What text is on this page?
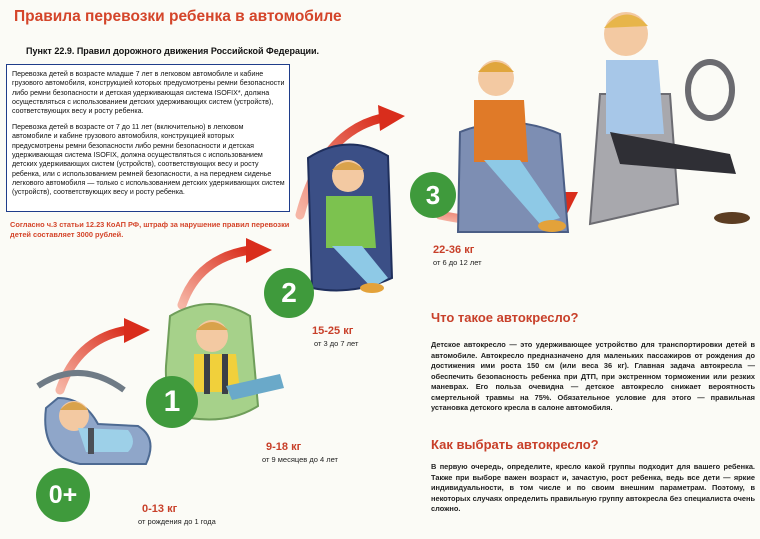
Правила перевозки ребенка в автомобиле
Пункт 22.9. Правил дорожного движения Российской Федерации.

Перевозка детей в возрасте младше 7 лет в легковом автомобиле и кабине грузового автомобиля, конструкцией которых предусмотрены ремни безопасности либо ремни безопасности и детская удерживающая система ISOFIX*, должна осуществляться с использованием детских удерживающих систем (устройств), соответствующих весу и росту ребенка.

Перевозка детей в возрасте от 7 до 11 лет (включительно) в легковом автомобиле и кабине грузового автомобиля, конструкцией которых предусмотрены ремни безопасности либо ремни безопасности и детская удерживающая система ISOFIX, должна осуществляться с использованием детских удерживающих систем (устройств), соответствующих весу и росту ребенка, или с использованием ремней безопасности, а на переднем сиденье легкового автомобиля — только с использованием детских удерживающих систем (устройств), соответствующих весу и росту ребенка.

Согласно ч.3 статьи 12.23 КоАП РФ, штраф за нарушение правил перевозки детей составляет 3000 рублей.
0+
1
2
3
0-13 кг
от рождения до 1 года
9-18 кг
от 9 месяцев до 4 лет
15-25 кг
от 3 до 7 лет
22-36 кг
от 6 до 12 лет
Что такое автокресло?
Детское автокресло — это удерживающее устройство для транспортировки детей в автомобиле. Автокресло предназначено для маленьких пассажиров от рождения до достижения ими роста 150 см (или веса 36 кг). Главная задача автокресла — обеспечить безопасность ребенка при ДТП, при экстренном торможении или резких маневрах. Его польза очевидна — детское автокресло снижает вероятность смертельной травмы на 75%. Обязательное условие для этого — правильная установка детского кресла в салоне автомобиля.
Как выбрать автокресло?
В первую очередь, определите, кресло какой группы подходит для вашего ребенка. Также при выборе важен возраст и, зачастую, рост ребенка, ведь все дети — яркие индивидуальности, в том числе и по своим внешним параметрам. Поэтому, в некоторых случаях определить правильную группу автокресла без специалиста очень сложно.
